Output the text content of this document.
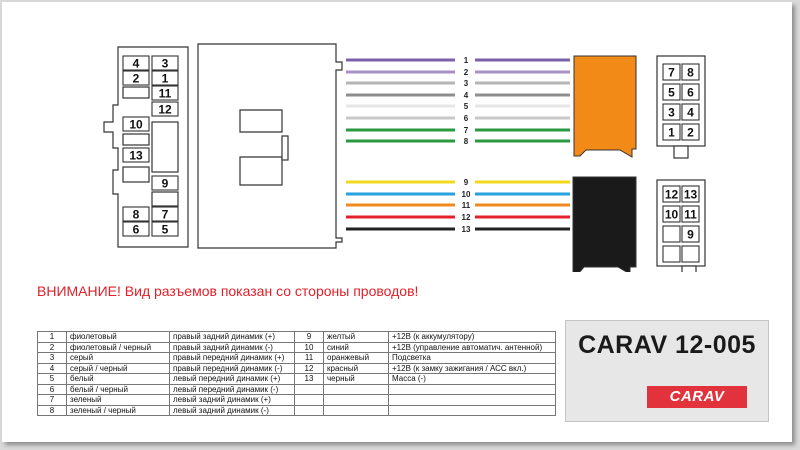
4 3
2 1
11
12
10
13
9
8 7
6 5
1
2
3
4
5
6
7
8
9
10
11
12
13
7 8
5 6
3 4
1 2
12 13
10 11
9
ВНИМАНИЕ! Вид разъемов показан со стороны проводов!
1	фиолетовый	правый задний динамик (+)	9	желтый	+12В (к аккумулятору)
2	фиолетовый / черный	правый задний динамик (-)	10	синий	+12В (управление автоматич. антенной)
3	серый	правый передний динамик (+)	11	оранжевый	Подсветка
4	серый / черный	правый передний динамик (-)	12	красный	+12В (к замку зажигания / АСС вкл.)
5	белый	левый передний динамик (+)	13	черный	Масса (-)
6	белый / черный	левый передний динамик (-)			
7	зеленый	левый задний динамик (+)			
8	зеленый / черный	левый задний динамик (-)			
CARAV 12-005
CARAV
